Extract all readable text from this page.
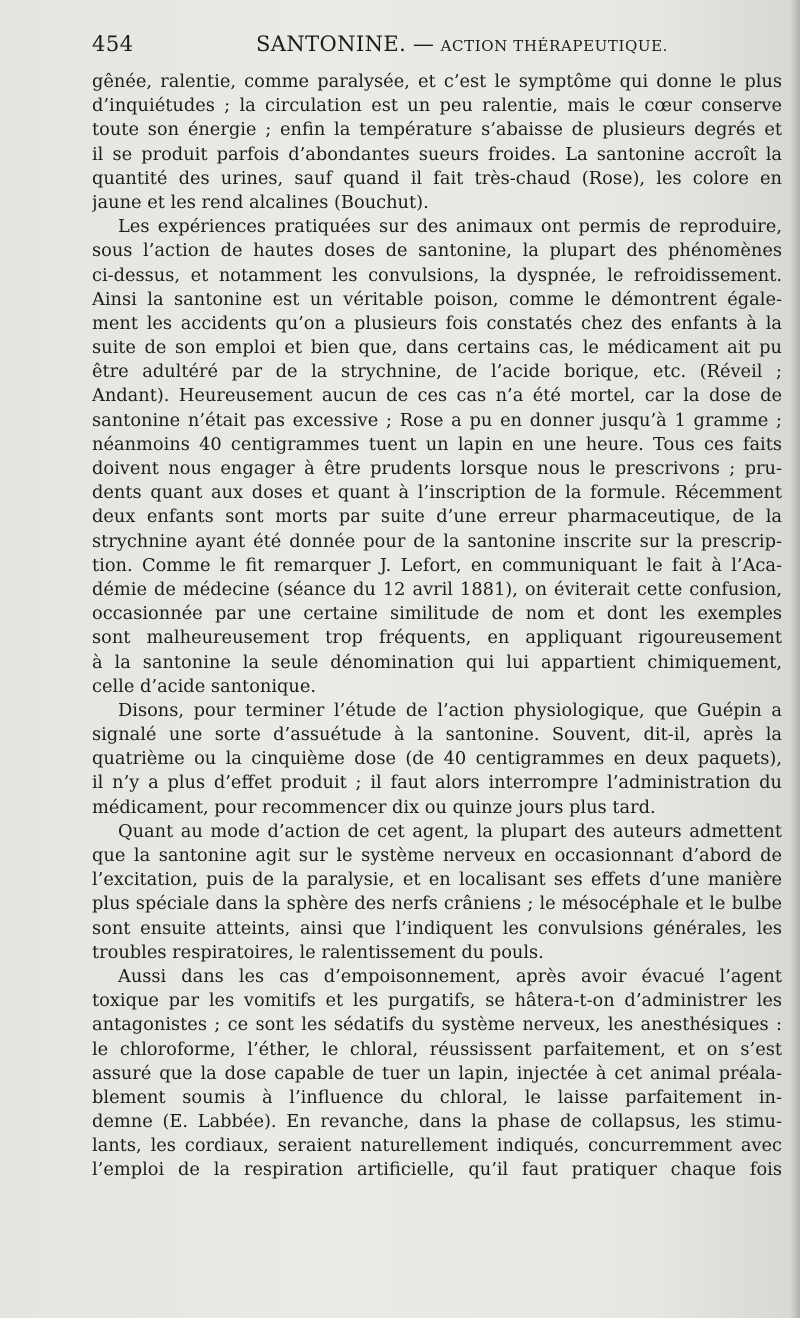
454	SANTONINE. — ACTION THÉRAPEUTIQUE.
gênée, ralentie, comme paralysée, et c’est le symptôme qui donne le plus
d’inquiétudes ; la circulation est un peu ralentie, mais le cœur conserve
toute son énergie ; enfin la température s’abaisse de plusieurs degrés et
il se produit parfois d’abondantes sueurs froides. La santonine accroît la
quantité des urines, sauf quand il fait très-chaud (Rose), les colore en
jaune et les rend alcalines (Bouchut).
Les expériences pratiquées sur des animaux ont permis de reproduire,
sous l’action de hautes doses de santonine, la plupart des phénomènes
ci-dessus, et notamment les convulsions, la dyspnée, le refroidissement.
Ainsi la santonine est un véritable poison, comme le démontrent égale-
ment les accidents qu’on a plusieurs fois constatés chez des enfants à la
suite de son emploi et bien que, dans certains cas, le médicament ait pu
être adultéré par de la strychnine, de l’acide borique, etc. (Réveil ;
Andant). Heureusement aucun de ces cas n’a été mortel, car la dose de
santonine n’était pas excessive ; Rose a pu en donner jusqu’à 1 gramme ;
néanmoins 40 centigrammes tuent un lapin en une heure. Tous ces faits
doivent nous engager à être prudents lorsque nous le prescrivons ; pru-
dents quant aux doses et quant à l’inscription de la formule. Récemment
deux enfants sont morts par suite d’une erreur pharmaceutique, de la
strychnine ayant été donnée pour de la santonine inscrite sur la prescrip-
tion. Comme le fit remarquer J. Lefort, en communiquant le fait à l’Aca-
démie de médecine (séance du 12 avril 1881), on éviterait cette confusion,
occasionnée par une certaine similitude de nom et dont les exemples
sont malheureusement trop fréquents, en appliquant rigoureusement
à la santonine la seule dénomination qui lui appartient chimiquement,
celle d’acide santonique.
Disons, pour terminer l’étude de l’action physiologique, que Guépin a
signalé une sorte d’assuétude à la santonine. Souvent, dit-il, après la
quatrième ou la cinquième dose (de 40 centigrammes en deux paquets),
il n’y a plus d’effet produit ; il faut alors interrompre l’administration du
médicament, pour recommencer dix ou quinze jours plus tard.
Quant au mode d’action de cet agent, la plupart des auteurs admettent
que la santonine agit sur le système nerveux en occasionnant d’abord de
l’excitation, puis de la paralysie, et en localisant ses effets d’une manière
plus spéciale dans la sphère des nerfs crâniens ; le mésocéphale et le bulbe
sont ensuite atteints, ainsi que l’indiquent les convulsions générales, les
troubles respiratoires, le ralentissement du pouls.
Aussi dans les cas d’empoisonnement, après avoir évacué l’agent
toxique par les vomitifs et les purgatifs, se hâtera-t-on d’administrer les
antagonistes ; ce sont les sédatifs du système nerveux, les anesthésiques :
le chloroforme, l’éther, le chloral, réussissent parfaitement, et on s’est
assuré que la dose capable de tuer un lapin, injectée à cet animal préala-
blement soumis à l’influence du chloral, le laisse parfaitement in-
demne (E. Labbée). En revanche, dans la phase de collapsus, les stimu-
lants, les cordiaux, seraient naturellement indiqués, concurremment avec
l’emploi de la respiration artificielle, qu’il faut pratiquer chaque fois
